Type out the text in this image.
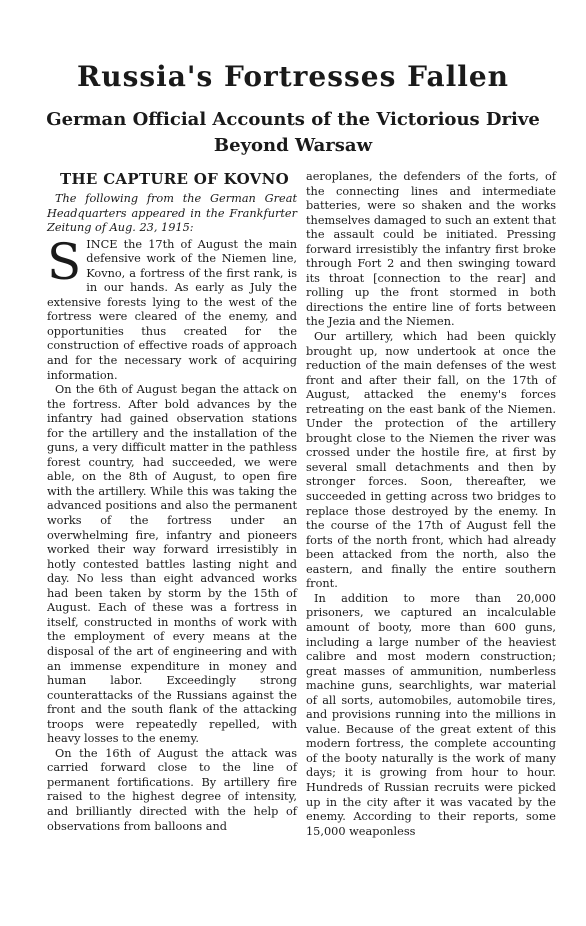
Russia's Fortresses Fallen
German Official Accounts of the Victorious Drive Beyond Warsaw
THE CAPTURE OF KOVNO

The following from the German Great Headquarters appeared in the Frankfurter Zeitung of Aug. 23, 1915:

SINCE the 17th of August the main defensive work of the Niemen line, Kovno, a fortress of the first rank, is in our hands. As early as July the extensive forests lying to the west of the fortress were cleared of the enemy, and opportunities thus created for the construction of effective roads of approach and for the necessary work of acquiring information.

On the 6th of August began the attack on the fortress. After bold advances by the infantry had gained observation stations for the artillery and the installation of the guns, a very difficult matter in the pathless forest country, had succeeded, we were able, on the 8th of August, to open fire with the artillery. While this was taking the advanced positions and also the permanent works of the fortress under an overwhelming fire, infantry and pioneers worked their way forward irresistibly in hotly contested battles lasting night and day. No less than eight advanced works had been taken by storm by the 15th of August. Each of these was a fortress in itself, constructed in months of work with the employment of every means at the disposal of the art of engineering and with an immense expenditure in money and human labor. Exceedingly strong counterattacks of the Russians against the front and the south flank of the attacking troops were repeatedly repelled, with heavy losses to the enemy.

On the 16th of August the attack was carried forward close to the line of permanent fortifications. By artillery fire raised to the highest degree of intensity, and brilliantly directed with the help of observations from balloons and

aeroplanes, the defenders of the forts, of the connecting lines and intermediate batteries, were so shaken and the works themselves damaged to such an extent that the assault could be initiated. Pressing forward irresistibly the infantry first broke through Fort 2 and then swinging toward its throat [connection to the rear] and rolling up the front stormed in both directions the entire line of forts between the Jezia and the Niemen.

Our artillery, which had been quickly brought up, now undertook at once the reduction of the main defenses of the west front and after their fall, on the 17th of August, attacked the enemy's forces retreating on the east bank of the Niemen. Under the protection of the artillery brought close to the Niemen the river was crossed under the hostile fire, at first by several small detachments and then by stronger forces. Soon, thereafter, we succeeded in getting across two bridges to replace those destroyed by the enemy. In the course of the 17th of August fell the forts of the north front, which had already been attacked from the north, also the eastern, and finally the entire southern front.

In addition to more than 20,000 prisoners, we captured an incalculable amount of booty, more than 600 guns, including a large number of the heaviest calibre and most modern construction; great masses of ammunition, numberless machine guns, searchlights, war material of all sorts, automobiles, automobile tires, and provisions running into the millions in value. Because of the great extent of this modern fortress, the complete accounting of the booty naturally is the work of many days; it is growing from hour to hour. Hundreds of Russian recruits were picked up in the city after it was vacated by the enemy. According to their reports, some 15,000 weaponless
